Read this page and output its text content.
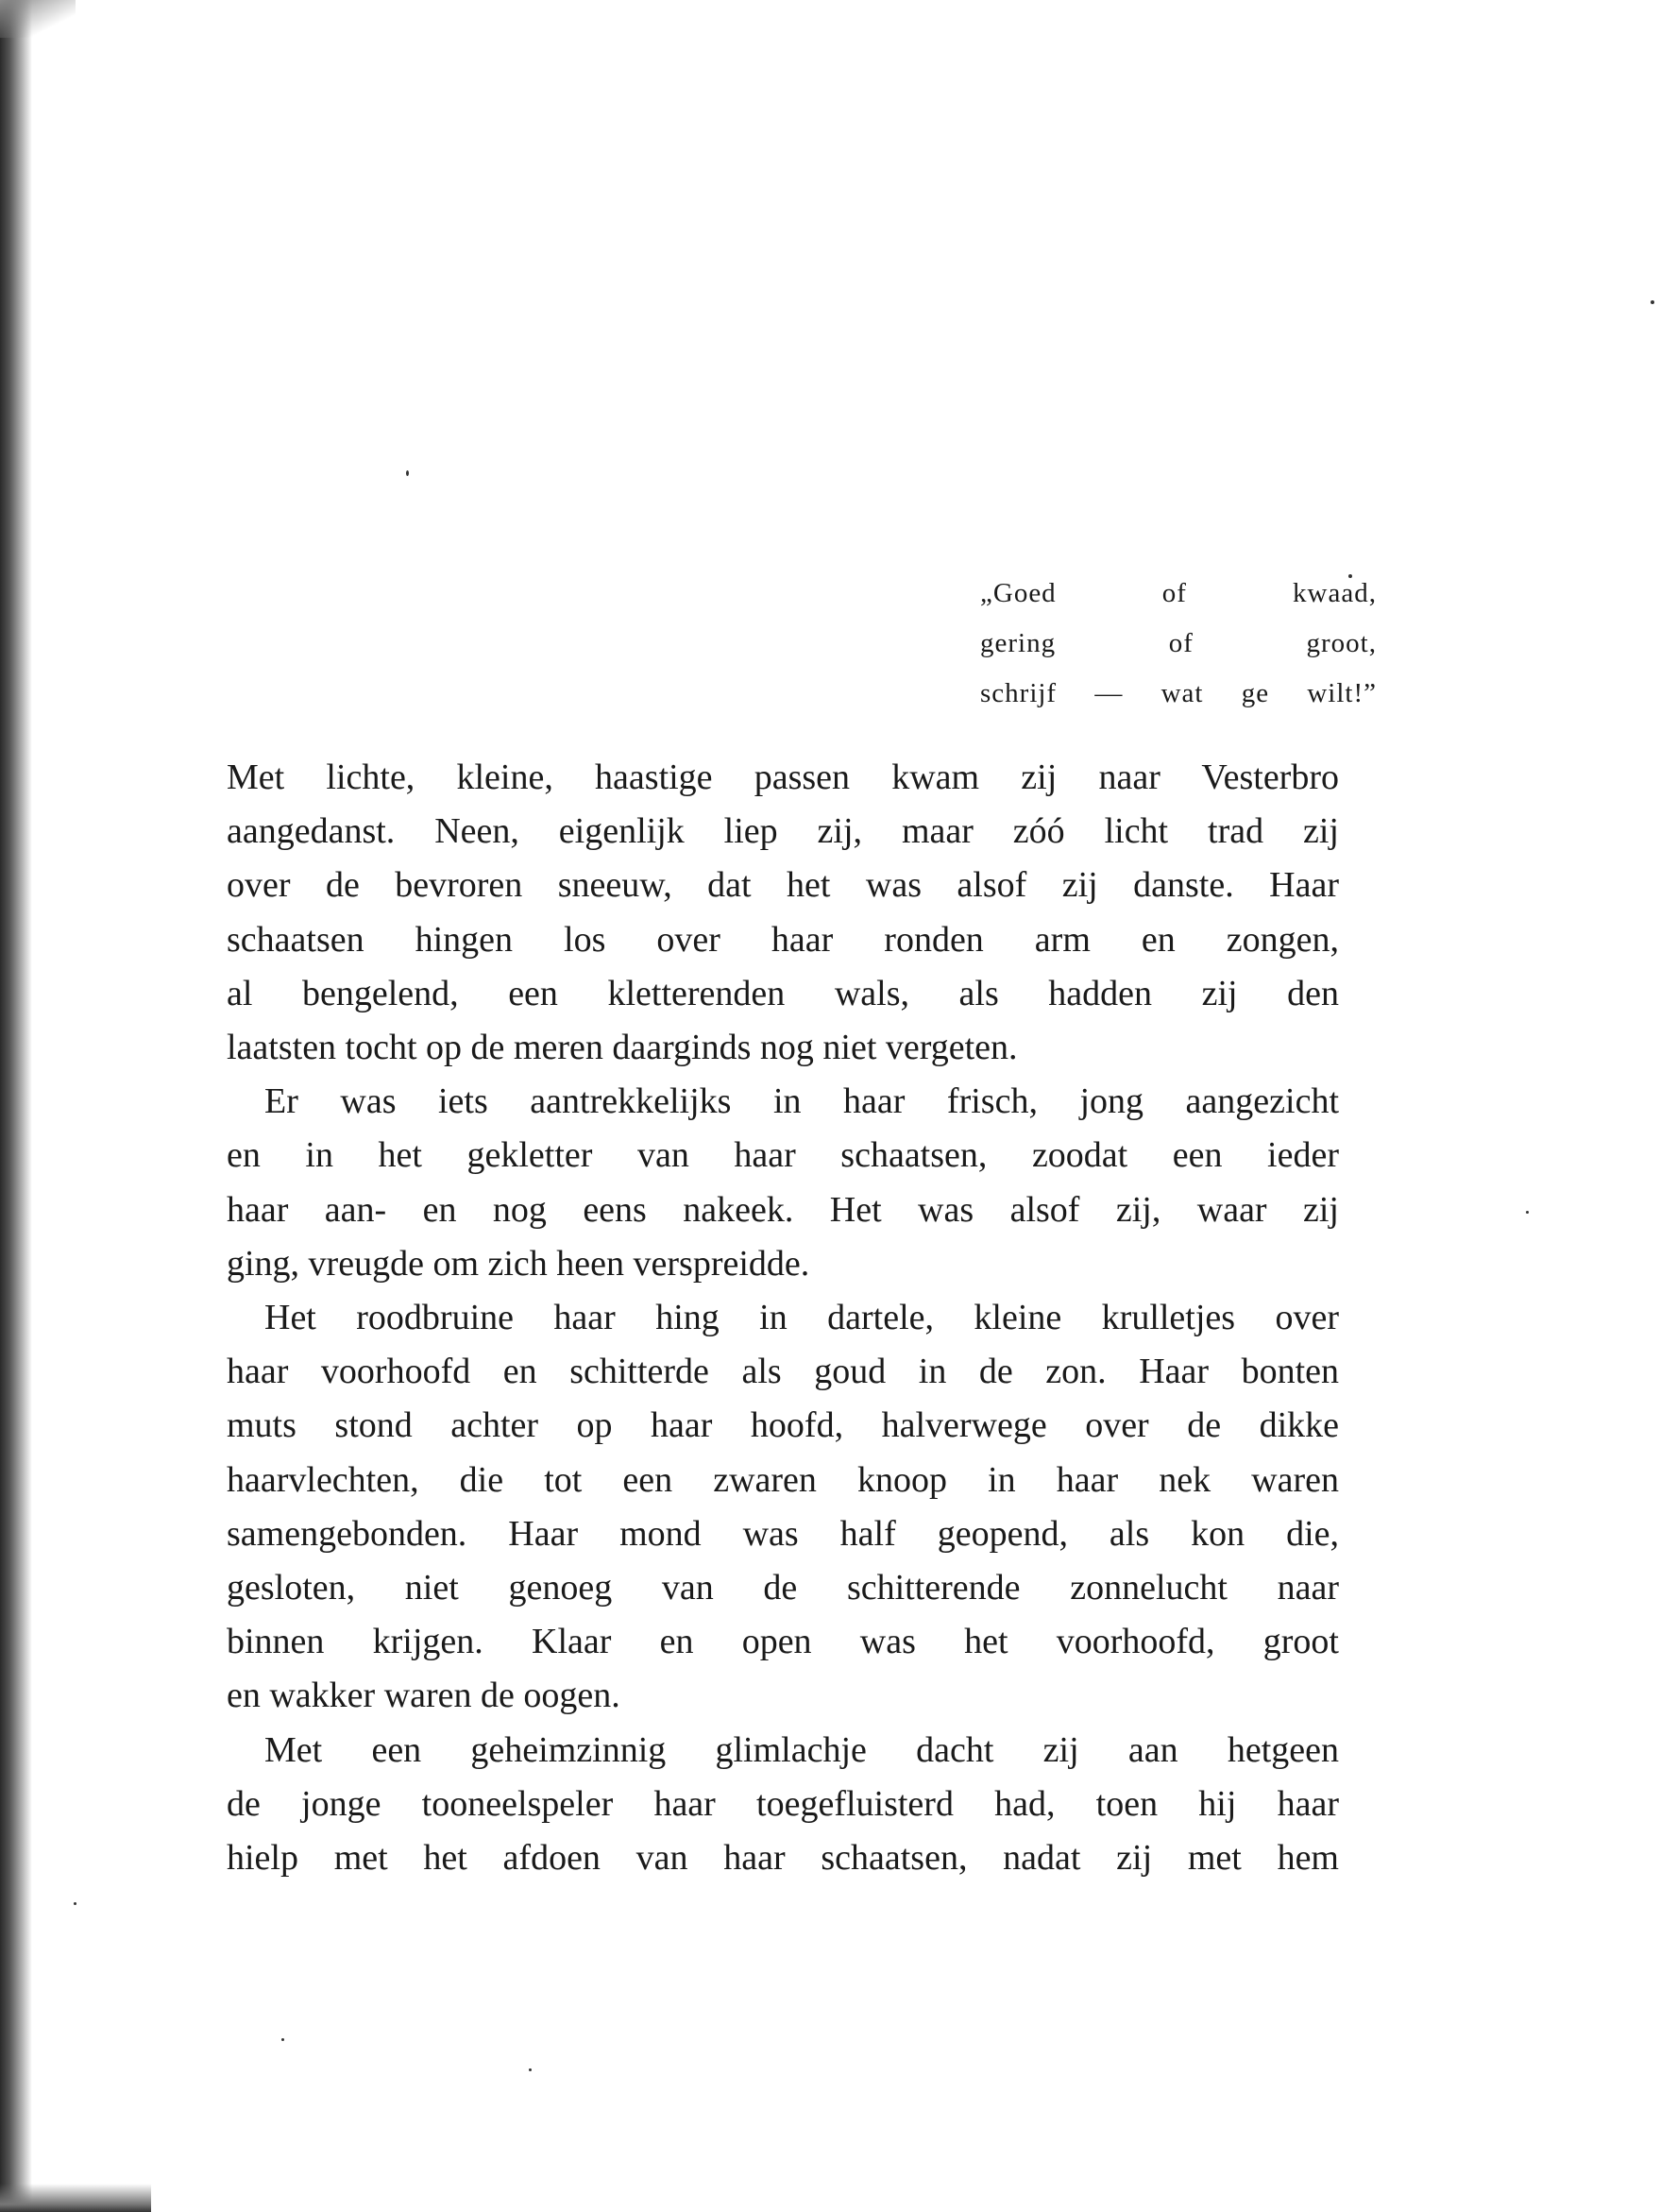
„Goed of kwaad,
gering of groot,
schrijf — wat ge wilt!”
Met lichte, kleine, haastige passen kwam zij naar Vesterbro
aangedanst. Neen, eigenlijk liep zij, maar zóó licht trad zij
over de bevroren sneeuw, dat het was alsof zij danste. Haar
schaatsen hingen los over haar ronden arm en zongen,
al bengelend, een kletterenden wals, als hadden zij den
laatsten tocht op de meren daarginds nog niet vergeten.
Er was iets aantrekkelijks in haar frisch, jong aangezicht
en in het gekletter van haar schaatsen, zoodat een ieder
haar aan- en nog eens nakeek. Het was alsof zij, waar zij
ging, vreugde om zich heen verspreidde.
Het roodbruine haar hing in dartele, kleine krulletjes over
haar voorhoofd en schitterde als goud in de zon. Haar bonten
muts stond achter op haar hoofd, halverwege over de dikke
haarvlechten, die tot een zwaren knoop in haar nek waren
samengebonden. Haar mond was half geopend, als kon die,
gesloten, niet genoeg van de schitterende zonnelucht naar
binnen krijgen. Klaar en open was het voorhoofd, groot
en wakker waren de oogen.
Met een geheimzinnig glimlachje dacht zij aan hetgeen
de jonge tooneelspeler haar toegefluisterd had, toen hij haar
hielp met het afdoen van haar schaatsen, nadat zij met hem
